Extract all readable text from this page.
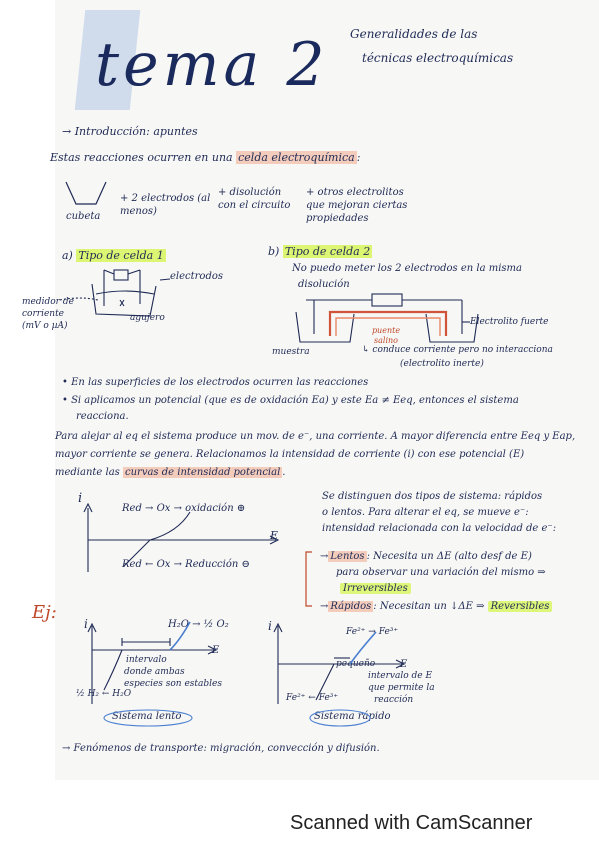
tema 2 Generalidades de las
técnicas electroquímicas
→ Introducción: apuntes
Estas reacciones ocurren en una celda electroquímica :
cubeta
+ 2 electrodos (al menos)
+ disolución con el circuito
+ otros electrolitos que mejoran ciertas propiedades
a) Tipo de celda 1
electrodos
medidor de corriente (mV o µA)
agujero
b) Tipo de celda 2
No puedo meter los 2 electrodos en la misma
disolución
puente salino
Electrolito fuerte
muestra	↳ conduce corriente pero no interacciona
(electrolito inerte)
• En las superficies de los electrodos ocurren las reacciones
• Si aplicamos un potencial (que es de oxidación Ea) y este Ea ≠ Eeq, entonces el sistema
reacciona.
Para alejar al eq el sistema produce un mov. de e⁻, una corriente. A mayor diferencia entre Eeq y Eap,
mayor corriente se genera. Relacionamos la intensidad de corriente (i) con ese potencial (E)
mediante las curvas de intensidad potencial .
i
E
Red → Ox → oxidación ⊕
Red ← Ox → Reducción ⊖
Se distinguen dos tipos de sistema: rápidos
o lentos. Para alterar el eq, se mueve e⁻:
intensidad relacionada con la velocidad de e⁻:
→ Lentos : Necesita un ΔE (alto desf de E)
para observar una variación del mismo ⇒
Irreversibles
→ Rápidos : Necesitan un ↓ΔE ⇒ Reversibles
Ej:
i	i
H₂O → ½ O₂
½ H₂ ← H₂O
intervalo
donde ambas
especies son estables
Sistema lento
E
Fe²⁺ → Fe³⁺
Fe²⁺ ← Fe³⁺
pequeño
intervalo de E
que permite la
reacción
E
Sistema rápido
→ Fenómenos de transporte: migración, convección y difusión.
Scanned with CamScanner
